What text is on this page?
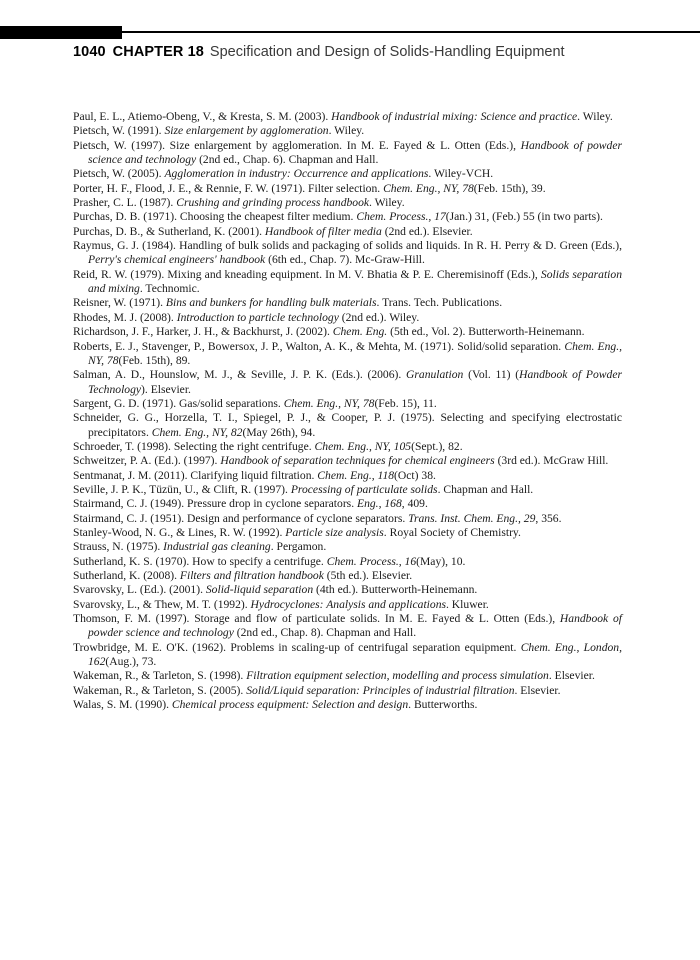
1040 CHAPTER 18 Specification and Design of Solids-Handling Equipment

Paul, E. L., Atiemo-Obeng, V., & Kresta, S. M. (2003). Handbook of industrial mixing: Science and practice. Wiley.

Pietsch, W. (1991). Size enlargement by agglomeration. Wiley.

Pietsch, W. (1997). Size enlargement by agglomeration. In M. E. Fayed & L. Otten (Eds.), Handbook of powder science and technology (2nd ed., Chap. 6). Chapman and Hall.

Pietsch, W. (2005). Agglomeration in industry: Occurrence and applications. Wiley-VCH.

Porter, H. F., Flood, J. E., & Rennie, F. W. (1971). Filter selection. Chem. Eng., NY, 78(Feb. 15th), 39.

Prasher, C. L. (1987). Crushing and grinding process handbook. Wiley.

Purchas, D. B. (1971). Choosing the cheapest filter medium. Chem. Process., 17(Jan.) 31, (Feb.) 55 (in two parts).

Purchas, D. B., & Sutherland, K. (2001). Handbook of filter media (2nd ed.). Elsevier.

Raymus, G. J. (1984). Handling of bulk solids and packaging of solids and liquids. In R. H. Perry & D. Green (Eds.), Perry's chemical engineers' handbook (6th ed., Chap. 7). Mc-Graw-Hill.

Reid, R. W. (1979). Mixing and kneading equipment. In M. V. Bhatia & P. E. Cheremisinoff (Eds.), Solids separation and mixing. Technomic.

Reisner, W. (1971). Bins and bunkers for handling bulk materials. Trans. Tech. Publications.

Rhodes, M. J. (2008). Introduction to particle technology (2nd ed.). Wiley.

Richardson, J. F., Harker, J. H., & Backhurst, J. (2002). Chem. Eng. (5th ed., Vol. 2). Butterworth-Heinemann.

Roberts, E. J., Stavenger, P., Bowersox, J. P., Walton, A. K., & Mehta, M. (1971). Solid/solid separation. Chem. Eng., NY, 78(Feb. 15th), 89.

Salman, A. D., Hounslow, M. J., & Seville, J. P. K. (Eds.). (2006). Granulation (Vol. 11) (Handbook of Powder Technology). Elsevier.

Sargent, G. D. (1971). Gas/solid separations. Chem. Eng., NY, 78(Feb. 15), 11.

Schneider, G. G., Horzella, T. I., Spiegel, P. J., & Cooper, P. J. (1975). Selecting and specifying electrostatic precipitators. Chem. Eng., NY, 82(May 26th), 94.

Schroeder, T. (1998). Selecting the right centrifuge. Chem. Eng., NY, 105(Sept.), 82.

Schweitzer, P. A. (Ed.). (1997). Handbook of separation techniques for chemical engineers (3rd ed.). McGraw Hill.

Sentmanat, J. M. (2011). Clarifying liquid filtration. Chem. Eng., 118(Oct) 38.

Seville, J. P. K., Tüzün, U., & Clift, R. (1997). Processing of particulate solids. Chapman and Hall.

Stairmand, C. J. (1949). Pressure drop in cyclone separators. Eng., 168, 409.

Stairmand, C. J. (1951). Design and performance of cyclone separators. Trans. Inst. Chem. Eng., 29, 356.

Stanley-Wood, N. G., & Lines, R. W. (1992). Particle size analysis. Royal Society of Chemistry.

Strauss, N. (1975). Industrial gas cleaning. Pergamon.

Sutherland, K. S. (1970). How to specify a centrifuge. Chem. Process., 16(May), 10.

Sutherland, K. (2008). Filters and filtration handbook (5th ed.). Elsevier.

Svarovsky, L. (Ed.). (2001). Solid-liquid separation (4th ed.). Butterworth-Heinemann.

Svarovsky, L., & Thew, M. T. (1992). Hydrocyclones: Analysis and applications. Kluwer.

Thomson, F. M. (1997). Storage and flow of particulate solids. In M. E. Fayed & L. Otten (Eds.), Handbook of powder science and technology (2nd ed., Chap. 8). Chapman and Hall.

Trowbridge, M. E. O'K. (1962). Problems in scaling-up of centrifugal separation equipment. Chem. Eng., London, 162(Aug.), 73.

Wakeman, R., & Tarleton, S. (1998). Filtration equipment selection, modelling and process simulation. Elsevier.

Wakeman, R., & Tarleton, S. (2005). Solid/Liquid separation: Principles of industrial filtration. Elsevier.

Walas, S. M. (1990). Chemical process equipment: Selection and design. Butterworths.
